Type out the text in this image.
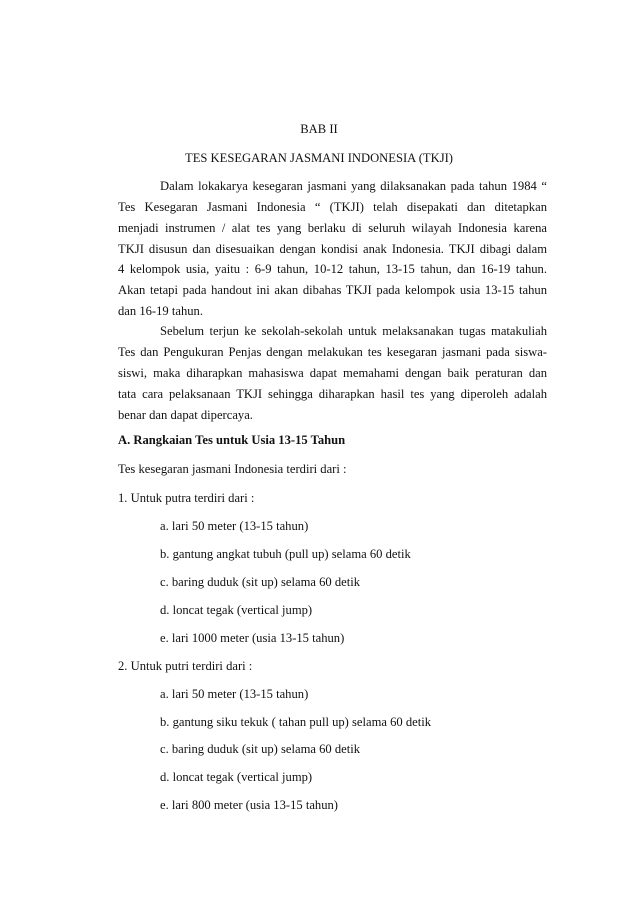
BAB II
TES KESEGARAN JASMANI INDONESIA (TKJI)
Dalam lokakarya kesegaran jasmani yang dilaksanakan pada tahun 1984 “
Tes Kesegaran Jasmani Indonesia “ (TKJI) telah disepakati dan ditetapkan
menjadi instrumen / alat tes yang berlaku di seluruh wilayah Indonesia karena
TKJI disusun dan disesuaikan dengan kondisi anak Indonesia. TKJI dibagi dalam
4 kelompok usia, yaitu : 6-9 tahun, 10-12 tahun, 13-15 tahun, dan 16-19 tahun.
Akan tetapi pada handout ini akan dibahas TKJI pada kelompok usia 13-15 tahun
dan 16-19 tahun.
Sebelum terjun ke sekolah-sekolah untuk melaksanakan tugas matakuliah
Tes dan Pengukuran Penjas dengan melakukan tes kesegaran jasmani pada siswa-
siswi, maka diharapkan mahasiswa dapat memahami dengan baik peraturan dan
tata cara pelaksanaan TKJI sehingga diharapkan hasil tes yang diperoleh adalah
benar dan dapat dipercaya.
A. Rangkaian Tes untuk Usia 13-15 Tahun
Tes kesegaran jasmani Indonesia terdiri dari :
1. Untuk putra terdiri dari :
a. lari 50 meter (13-15 tahun)
b. gantung angkat tubuh (pull up) selama 60 detik
c. baring duduk (sit up) selama 60 detik
d. loncat tegak (vertical jump)
e. lari 1000 meter (usia 13-15 tahun)
2. Untuk putri terdiri dari :
a. lari 50 meter (13-15 tahun)
b. gantung siku tekuk ( tahan pull up) selama 60 detik
c. baring duduk (sit up) selama 60 detik
d. loncat tegak (vertical jump)
e. lari 800 meter (usia 13-15 tahun)
